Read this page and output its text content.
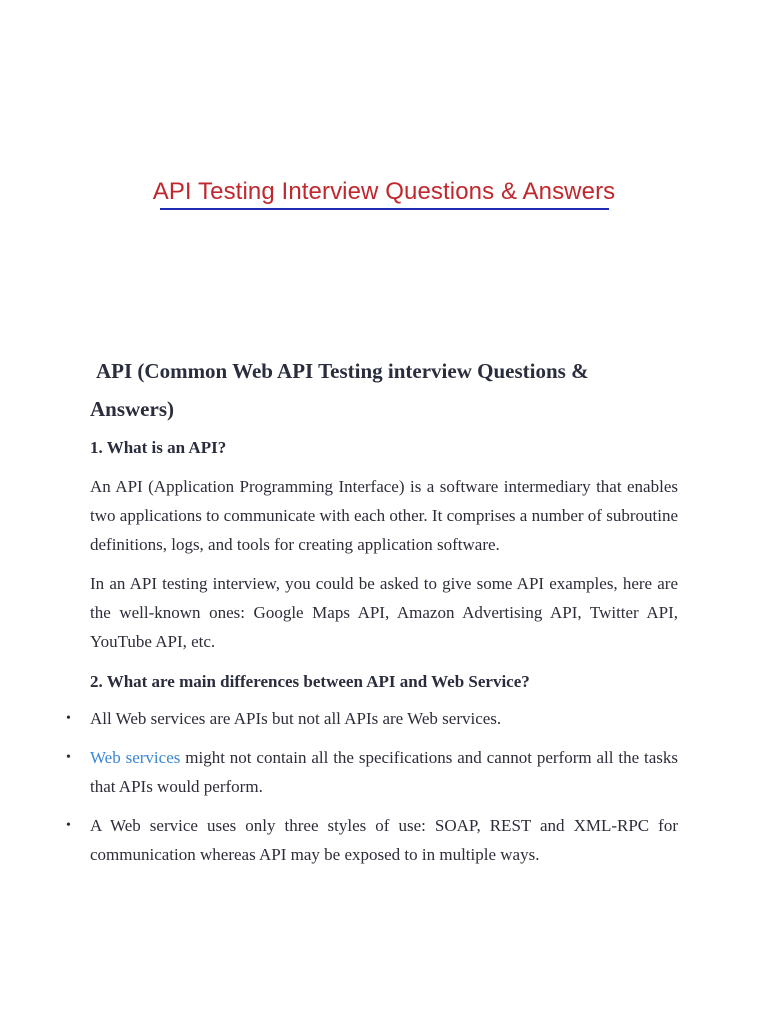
API Testing Interview Questions & Answers
API (Common Web API Testing interview Questions &
Answers)
1. What is an API?

An API (Application Programming Interface) is a software intermediary that enables two applications to communicate with each other. It comprises a number of subroutine definitions, logs, and tools for creating application software.

In an API testing interview, you could be asked to give some API examples, here are the well-known ones: Google Maps API, Amazon Advertising API, Twitter API, YouTube API, etc.

2. What are main differences between API and Web Service?
• All Web services are APIs but not all APIs are Web services.
• Web services might not contain all the specifications and cannot perform all the tasks that APIs would perform.
• A Web service uses only three styles of use: SOAP, REST and XML-RPC for communication whereas API may be exposed to in multiple ways.
